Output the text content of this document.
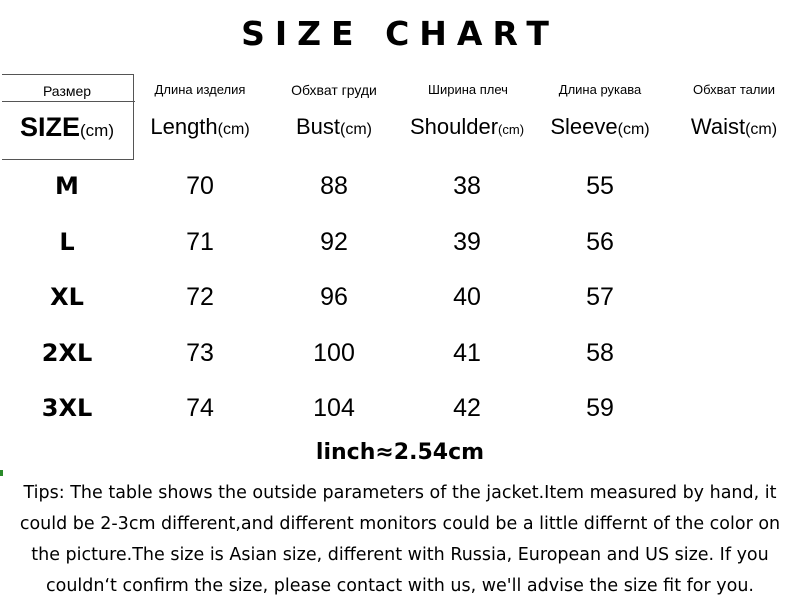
SIZE CHART
Размер	Длина изделия	Обхват груди	Ширина плеч	Длина рукава	Обхват талии
SIZE(cm) Length(cm) Bust(cm) Shoulder(cm) Sleeve(cm) Waist(cm)
M	70	88	38	55
L	71	92	39	56
XL	72	96	40	57
2XL	73	100	41	58
3XL	74	104	42	59
linch≈2.54cm
Tips: The table shows the outside parameters of the jacket.Item measured by hand, it could be 2-3cm different,and different monitors could be a little differnt of the color on the picture.The size is Asian size, different with Russia, European and US size. If you couldn‘t confirm the size, please contact with us, we'll advise the size fit for you.
